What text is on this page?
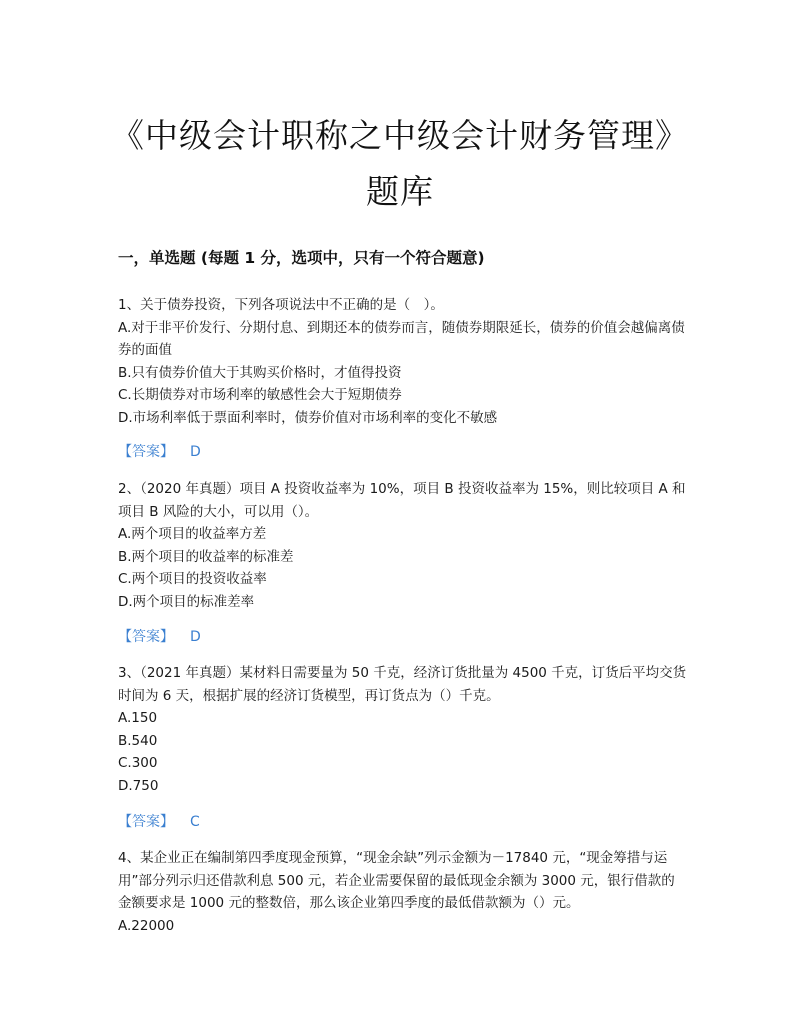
《中级会计职称之中级会计财务管理》题库
一，单选题 (每题 1 分，选项中，只有一个符合题意)

1、关于债券投资，下列各项说法中不正确的是（　）。

A.对于非平价发行、分期付息、到期还本的债券而言，随债券期限延长，债券的价值会越偏离债券的面值

B.只有债券价值大于其购买价格时，才值得投资

C.长期债券对市场利率的敏感性会大于短期债券

D.市场利率低于票面利率时，债券价值对市场利率的变化不敏感

【答案】 D

2、（2020 年真题）项目 A 投资收益率为 10%，项目 B 投资收益率为 15%，则比较项目 A 和项目 B 风险的大小，可以用（）。

A.两个项目的收益率方差

B.两个项目的收益率的标准差

C.两个项目的投资收益率

D.两个项目的标准差率

【答案】 D

3、（2021 年真题）某材料日需要量为 50 千克，经济订货批量为 4500 千克，订货后平均交货时间为 6 天，根据扩展的经济订货模型，再订货点为（）千克。

A.150

B.540

C.300

D.750

【答案】 C

4、某企业正在编制第四季度现金预算，“现金余缺”列示金额为－17840 元，“现金筹措与运用”部分列示归还借款利息 500 元，若企业需要保留的最低现金余额为 3000 元，银行借款的金额要求是 1000 元的整数倍，那么该企业第四季度的最低借款额为（）元。

A.22000
